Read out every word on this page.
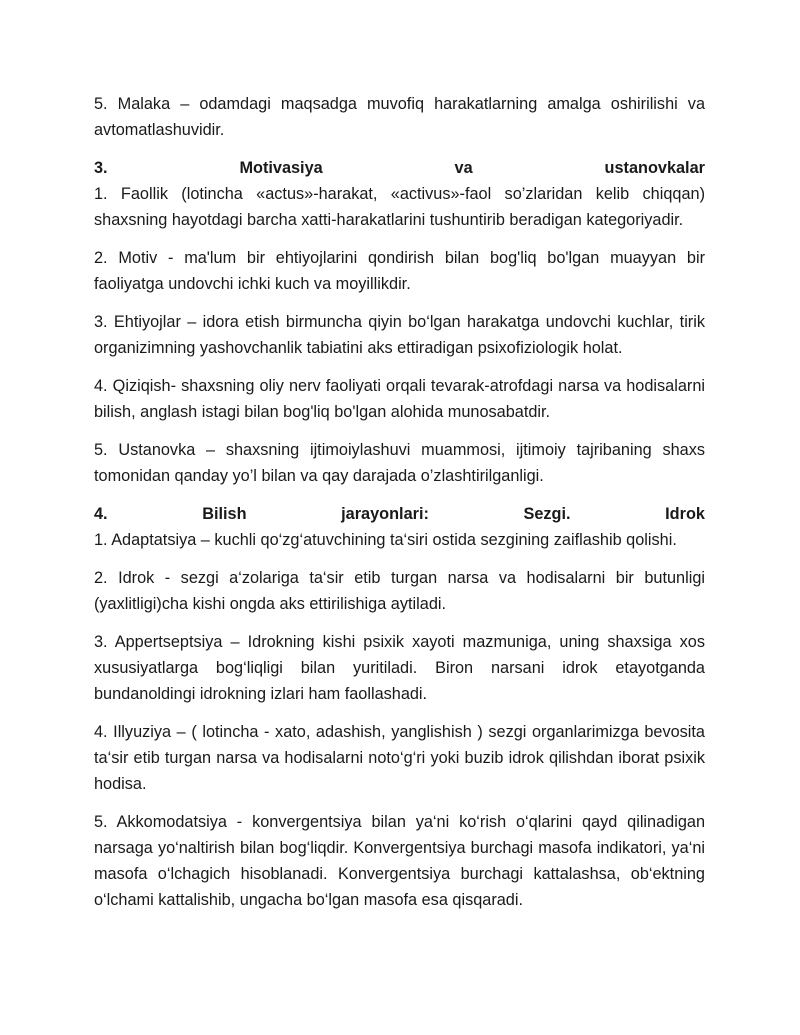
5. Malaka – odamdagi maqsadga muvofiq harakatlarning amalga oshirilishi va avtomatlashuvidir.

3.	Motivasiya	va	ustanovkalar

1. Faollik (lotincha «actus»-harakat, «activus»-faol so’zlaridan kelib chiqqan) shaxsning hayotdagi barcha xatti-harakatlarini tushuntirib beradigan kategoriyadir.

2. Motiv - ma'lum bir ehtiyojlarini qondirish bilan bog'liq bo'lgan muayyan bir faoliyatga undovchi ichki kuch va moyillikdir.

3. Ehtiyojlar – idora etish birmuncha qiyin bo‘lgan harakatga undovchi kuchlar, tirik organizimning yashovchanlik tabiatini aks ettiradigan psixofiziologik holat.

4. Qiziqish- shaxsning oliy nerv faoliyati orqali tevarak-atrofdagi narsa va hodisalarni bilish, anglash istagi bilan bog'liq bo'lgan alohida munosabatdir.

5. Ustanovka – shaxsning ijtimoiylashuvi muammosi, ijtimoiy tajribaning shaxs tomonidan qanday yo’l bilan va qay darajada o’zlashtirilganligi.

4.	Bilish	jarayonlari:	Sezgi.	Idrok

1. Adaptatsiya – kuchli qo‘zg‘atuvchining ta‘siri ostida sezgining zaiflashib qolishi.

2. Idrok - sezgi a‘zolariga ta‘sir etib turgan narsa va hodisalarni bir butunligi (yaxlitligi)cha kishi ongda aks ettirilishiga aytiladi.

3. Appertseptsiya – Idrokning kishi psixik xayoti mazmuniga, uning shaxsiga xos xususiyatlarga bog‘liqligi bilan yuritiladi. Biron narsani idrok etayotganda bundanoldingi idrokning izlari ham faollashadi.

4. Illyuziya – ( lotincha - xato, adashish, yanglishish ) sezgi organlarimizga bevosita ta‘sir etib turgan narsa va hodisalarni noto‘g‘ri yoki buzib idrok qilishdan iborat psixik hodisa.

5. Akkomodatsiya - konvergentsiya bilan ya‘ni ko‘rish o‘qlarini qayd qilinadigan narsaga yo‘naltirish bilan bog‘liqdir. Konvergentsiya burchagi masofa indikatori, ya‘ni masofa o‘lchagich hisoblanadi. Konvergentsiya burchagi kattalashsa, ob‘ektning o‘lchami kattalishib, ungacha bo‘lgan masofa esa qisqaradi.
